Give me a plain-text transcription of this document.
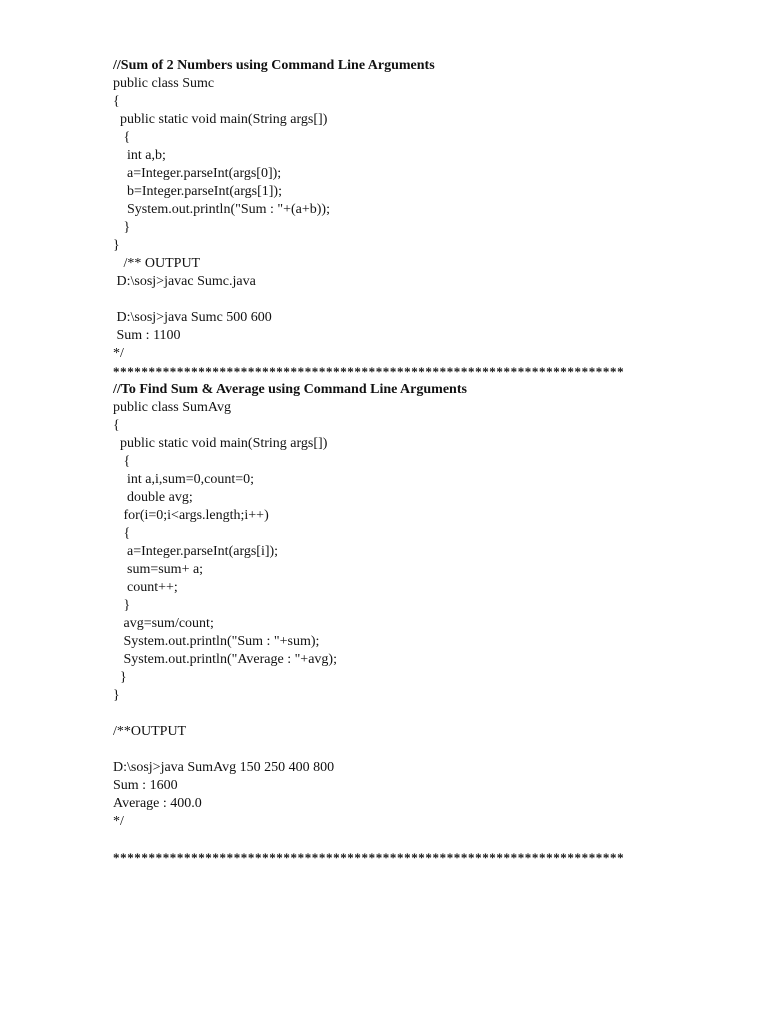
//Sum of 2 Numbers using Command Line Arguments
public class Sumc
{
public static void main(String args[])
{
int a,b;
a=Integer.parseInt(args[0]);
b=Integer.parseInt(args[1]);
System.out.println("Sum : "+(a+b));
}
}
/** OUTPUT
D:\sosj>javac Sumc.java
D:\sosj>java Sumc 500 600
Sum : 1100
*/
************************************************************************
//To Find Sum & Average using Command Line Arguments
public class SumAvg
{
public static void main(String args[])
{
int a,i,sum=0,count=0;
double avg;
for(i=0;i<args.length;i++)
{
a=Integer.parseInt(args[i]);
sum=sum+ a;
count++;
}
avg=sum/count;
System.out.println("Sum : "+sum);
System.out.println("Average : "+avg);
}
}
/**OUTPUT
D:\sosj>java SumAvg 150 250 400 800
Sum : 1600
Average : 400.0
*/
************************************************************************
